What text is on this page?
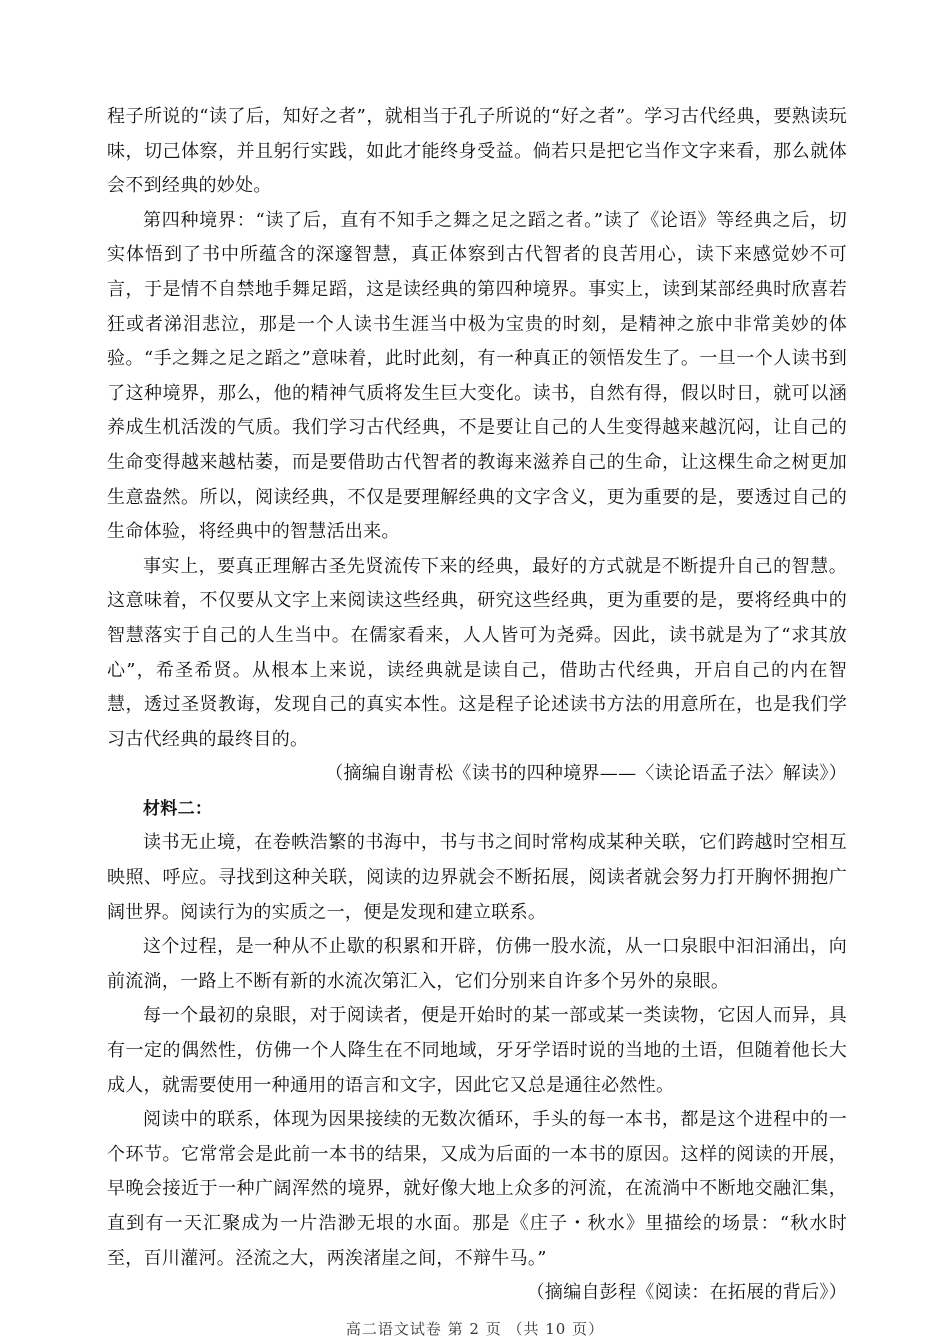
程子所说的“读了后，知好之者”，就相当于孔子所说的“好之者”。学习古代经典，要熟读玩味，切己体察，并且躬行实践，如此才能终身受益。倘若只是把它当作文字来看，那么就体会不到经典的妙处。

第四种境界：“读了后，直有不知手之舞之足之蹈之者。”读了《论语》等经典之后，切实体悟到了书中所蕴含的深邃智慧，真正体察到古代智者的良苦用心，读下来感觉妙不可言，于是情不自禁地手舞足蹈，这是读经典的第四种境界。事实上，读到某部经典时欣喜若狂或者涕泪悲泣，那是一个人读书生涯当中极为宝贵的时刻，是精神之旅中非常美妙的体验。“手之舞之足之蹈之”意味着，此时此刻，有一种真正的领悟发生了。一旦一个人读书到了这种境界，那么，他的精神气质将发生巨大变化。读书，自然有得，假以时日，就可以涵养成生机活泼的气质。我们学习古代经典，不是要让自己的人生变得越来越沉闷，让自己的生命变得越来越枯萎，而是要借助古代智者的教诲来滋养自己的生命，让这棵生命之树更加生意盎然。所以，阅读经典，不仅是要理解经典的文字含义，更为重要的是，要透过自己的生命体验，将经典中的智慧活出来。

事实上，要真正理解古圣先贤流传下来的经典，最好的方式就是不断提升自己的智慧。这意味着，不仅要从文字上来阅读这些经典，研究这些经典，更为重要的是，要将经典中的智慧落实于自己的人生当中。在儒家看来，人人皆可为尧舜。因此，读书就是为了“求其放心”，希圣希贤。从根本上来说，读经典就是读自己，借助古代经典，开启自己的内在智慧，透过圣贤教诲，发现自己的真实本性。这是程子论述读书方法的用意所在，也是我们学习古代经典的最终目的。

（摘编自谢青松《读书的四种境界——〈读论语孟子法〉解读》）

材料二：

读书无止境，在卷帙浩繁的书海中，书与书之间时常构成某种关联，它们跨越时空相互映照、呼应。寻找到这种关联，阅读的边界就会不断拓展，阅读者就会努力打开胸怀拥抱广阔世界。阅读行为的实质之一，便是发现和建立联系。

这个过程，是一种从不止歇的积累和开辟，仿佛一股水流，从一口泉眼中汩汩涌出，向前流淌，一路上不断有新的水流次第汇入，它们分别来自许多个另外的泉眼。

每一个最初的泉眼，对于阅读者，便是开始时的某一部或某一类读物，它因人而异，具有一定的偶然性，仿佛一个人降生在不同地域，牙牙学语时说的当地的土语，但随着他长大成人，就需要使用一种通用的语言和文字，因此它又总是通往必然性。

阅读中的联系，体现为因果接续的无数次循环，手头的每一本书，都是这个进程中的一个环节。它常常会是此前一本书的结果，又成为后面的一本书的原因。这样的阅读的开展，早晚会接近于一种广阔浑然的境界，就好像大地上众多的河流，在流淌中不断地交融汇集，直到有一天汇聚成为一片浩渺无垠的水面。那是《庄子・秋水》里描绘的场景：“秋水时至，百川灌河。泾流之大，两涘渚崖之间，不辩牛马。”

（摘编自彭程《阅读：在拓展的背后》）

高二语文试卷 第 2 页 （共 10 页）
